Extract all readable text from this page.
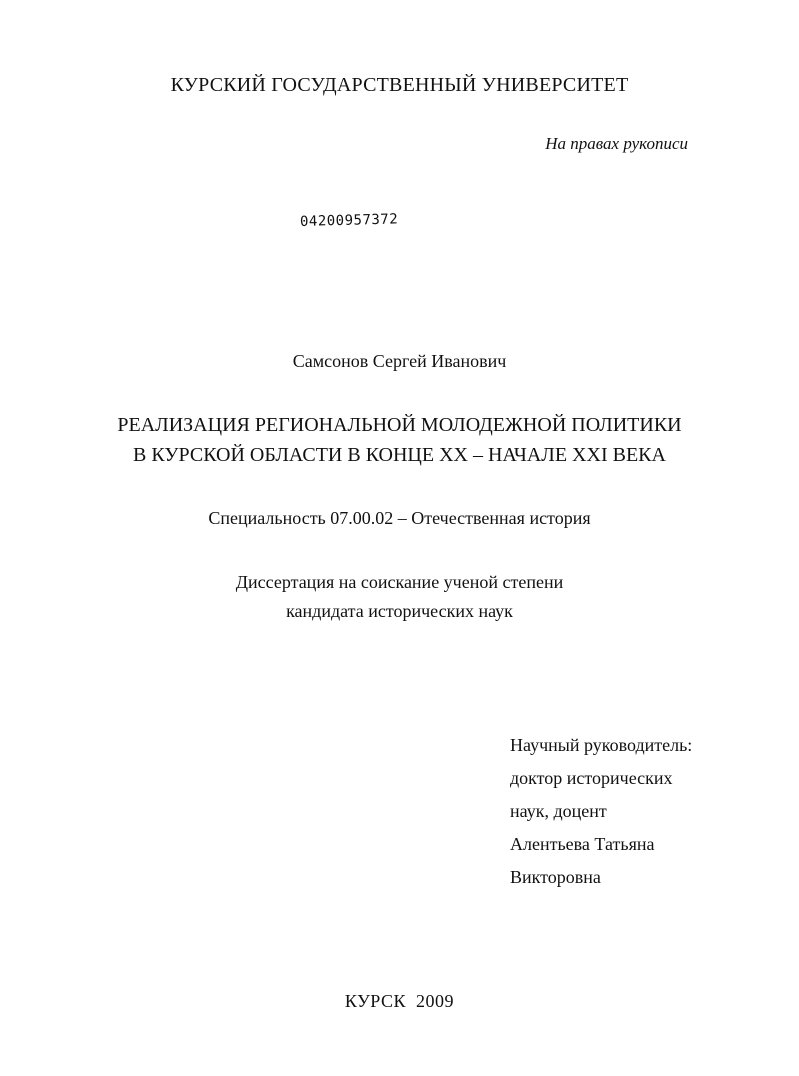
КУРСКИЙ ГОСУДАРСТВЕННЫЙ УНИВЕРСИТЕТ
На правах рукописи
04200957372
Самсонов Сергей Иванович
РЕАЛИЗАЦИЯ РЕГИОНАЛЬНОЙ МОЛОДЕЖНОЙ ПОЛИТИКИ
В КУРСКОЙ ОБЛАСТИ В КОНЦЕ XX – НАЧАЛЕ XXI ВЕКА
Специальность 07.00.02 – Отечественная история
Диссертация на соискание ученой степени
кандидата исторических наук
Научный руководитель:
доктор исторических
наук, доцент
Алентьева Татьяна
Викторовна
КУРСК  2009
